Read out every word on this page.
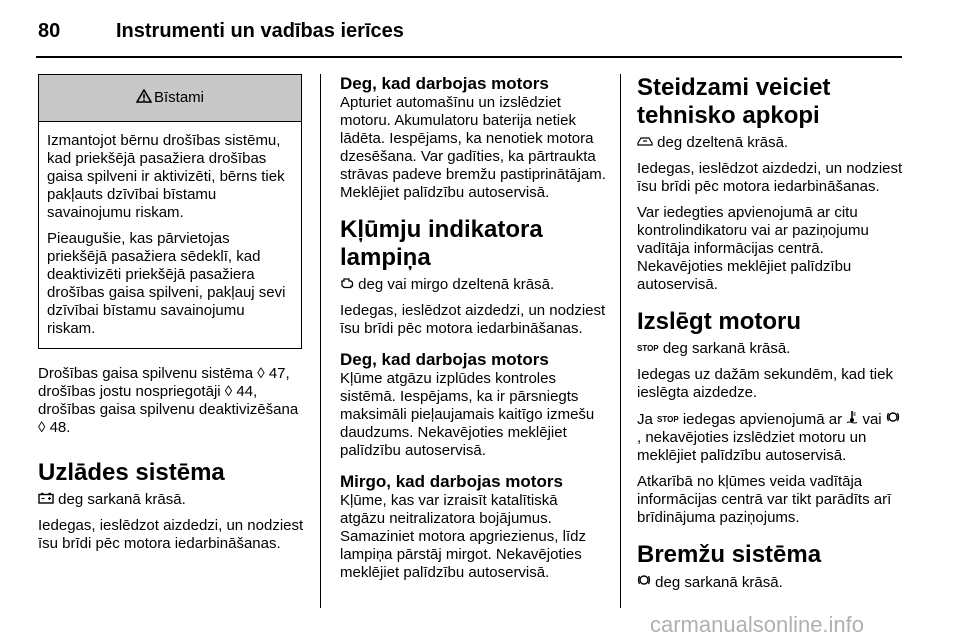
80	Instrumenti un vadības ierīces
Bīstami

Izmantojot bērnu drošības sistēmu, kad priekšējā pasažiera drošības gaisa spilveni ir aktivizēti, bērns tiek pakļauts dzīvībai bīstamu savainojumu riskam.

Pieaugušie, kas pārvietojas priekšējā pasažiera sēdeklī, kad deaktivizēti priekšējā pasažiera drošības gaisa spilveni, pakļauj sevi dzīvībai bīstamu savainojumu riskam.

Drošības gaisa spilvenu sistēma ◊ 47, drošības jostu nospriegotāji ◊ 44, drošības gaisa spilvenu deaktivizēšana ◊ 48.

Uzlādes sistēma

deg sarkanā krāsā.

Iedegas, ieslēdzot aizdedzi, un nodziest īsu brīdi pēc motora iedarbināšanas.

Deg, kad darbojas motors

Apturiet automašīnu un izslēdziet motoru. Akumulatoru baterija netiek lādēta. Iespējams, ka nenotiek motora dzesēšana. Var gadīties, ka pārtraukta strāvas padeve bremžu pastiprinātājam. Meklējiet palīdzību autoservisā.

Kļūmju indikatora lampiņa

deg vai mirgo dzeltenā krāsā.

Iedegas, ieslēdzot aizdedzi, un nodziest īsu brīdi pēc motora iedarbināšanas.

Deg, kad darbojas motors

Kļūme atgāzu izplūdes kontroles sistēmā. Iespējams, ka ir pārsniegts maksimāli pieļaujamais kaitīgo izmešu daudzums. Nekavējoties meklējiet palīdzību autoservisā.

Mirgo, kad darbojas motors

Kļūme, kas var izraisīt katalītiskā atgāzu neitralizatora bojājumus. Samaziniet motora apgriezienus, līdz lampiņa pārstāj mirgot. Nekavējoties meklējiet palīdzību autoservisā.

Steidzami veiciet tehnisko apkopi

deg dzeltenā krāsā.

Iedegas, ieslēdzot aizdedzi, un nodziest īsu brīdi pēc motora iedarbināšanas.

Var iedegties apvienojumā ar citu kontrolindikatoru vai ar paziņojumu vadītāja informācijas centrā. Nekavējoties meklējiet palīdzību autoservisā.

Izslēgt motoru

STOP deg sarkanā krāsā.

Iedegas uz dažām sekundēm, kad tiek ieslēgta aizdedze.

Ja STOP iedegas apvienojumā ar vai , nekavējoties izslēdziet motoru un meklējiet palīdzību autoservisā.

Atkarībā no kļūmes veida vadītāja informācijas centrā var tikt parādīts arī brīdinājuma paziņojums.

Bremžu sistēma

deg sarkanā krāsā.

carmanualsonline.info
